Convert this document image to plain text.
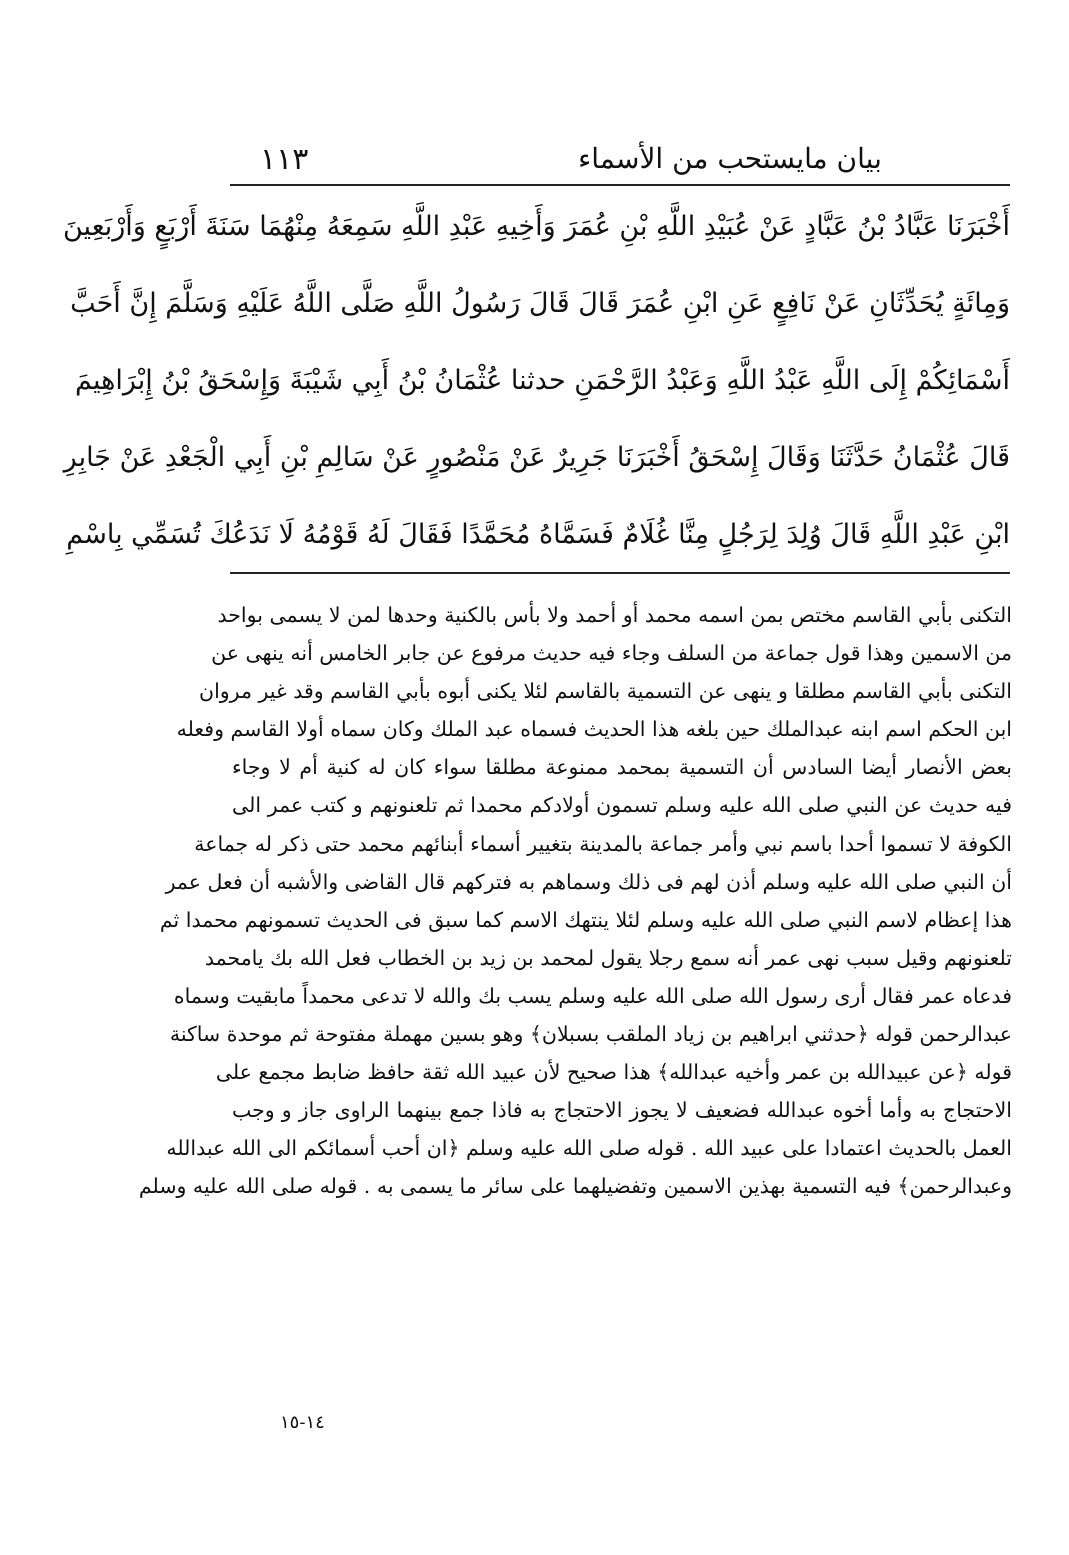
١١٣	بيان مايستحب من الأسماء
أَخْبَرَنَا عَبَّادُ بْنُ عَبَّادٍ عَنْ عُبَيْدِ اللَّهِ بْنِ عُمَرَ وَأَخِيهِ عَبْدِ اللَّهِ سَمِعَهُ مِنْهُمَا سَنَةَ أَرْبَعٍ وَأَرْبَعِينَ
وَمِائَةٍ يُحَدِّثَانِ عَنْ نَافِعٍ عَنِ ابْنِ عُمَرَ قَالَ قَالَ رَسُولُ اللَّهِ صَلَّى اللَّهُ عَلَيْهِ وَسَلَّمَ إِنَّ أَحَبَّ
أَسْمَائِكُمْ إِلَى اللَّهِ عَبْدُ اللَّهِ وَعَبْدُ الرَّحْمَنِ حدثنا عُثْمَانُ بْنُ أَبِي شَيْبَةَ وَإِسْحَقُ بْنُ إِبْرَاهِيمَ
قَالَ عُثْمَانُ حَدَّثَنَا وَقَالَ إِسْحَقُ أَخْبَرَنَا جَرِيرٌ عَنْ مَنْصُورٍ عَنْ سَالِمِ بْنِ أَبِي الْجَعْدِ عَنْ جَابِرِ
ابْنِ عَبْدِ اللَّهِ قَالَ وُلِدَ لِرَجُلٍ مِنَّا غُلَامٌ فَسَمَّاهُ مُحَمَّدًا فَقَالَ لَهُ قَوْمُهُ لَا نَدَعُكَ تُسَمِّي بِاسْمِ
التكنى بأبي القاسم مختص بمن اسمه محمد أو أحمد ولا بأس بالكنية وحدها لمن لا يسمى بواحد
من الاسمين وهذا قول جماعة من السلف وجاء فيه حديث مرفوع عن جابر الخامس أنه ينهى عن
التكنى بأبي القاسم مطلقا و ينهى عن التسمية بالقاسم لئلا يكنى أبوه بأبي القاسم وقد غير مروان
ابن الحكم اسم ابنه عبدالملك حين بلغه هذا الحديث فسماه عبد الملك وكان سماه أولا القاسم وفعله
بعض الأنصار أيضا السادس أن التسمية بمحمد ممنوعة مطلقا سواء كان له كنية أم لا وجاء
فيه حديث عن النبي صلى الله عليه وسلم تسمون أولادكم محمدا ثم تلعنونهم و كتب عمر الى
الكوفة لا تسموا أحدا باسم نبي وأمر جماعة بالمدينة بتغيير أسماء أبنائهم محمد حتى ذكر له جماعة
أن النبي صلى الله عليه وسلم أذن لهم فى ذلك وسماهم به فتركهم قال القاضى والأشبه أن فعل عمر
هذا إعظام لاسم النبي صلى الله عليه وسلم لئلا ينتهك الاسم كما سبق فى الحديث تسمونهم محمدا ثم
تلعنونهم وقيل سبب نهى عمر أنه سمع رجلا يقول لمحمد بن زيد بن الخطاب فعل الله بك يامحمد
فدعاه عمر فقال أرى رسول الله صلى الله عليه وسلم يسب بك والله لا تدعى محمداً مابقيت وسماه
عبدالرحمن قوله ﴿حدثني ابراهيم بن زياد الملقب بسبلان﴾ وهو بسين مهملة مفتوحة ثم موحدة ساكنة
قوله ﴿عن عبيدالله بن عمر وأخيه عبدالله﴾ هذا صحيح لأن عبيد الله ثقة حافظ ضابط مجمع على
الاحتجاج به وأما أخوه عبدالله فضعيف لا يجوز الاحتجاج به فاذا جمع بينهما الراوى جاز و وجب
العمل بالحديث اعتمادا على عبيد الله . قوله صلى الله عليه وسلم ﴿ان أحب أسمائكم الى الله عبدالله
وعبدالرحمن﴾ فيه التسمية بهذين الاسمين وتفضيلهما على سائر ما يسمى به . قوله صلى الله عليه وسلم
١٤-١٥
